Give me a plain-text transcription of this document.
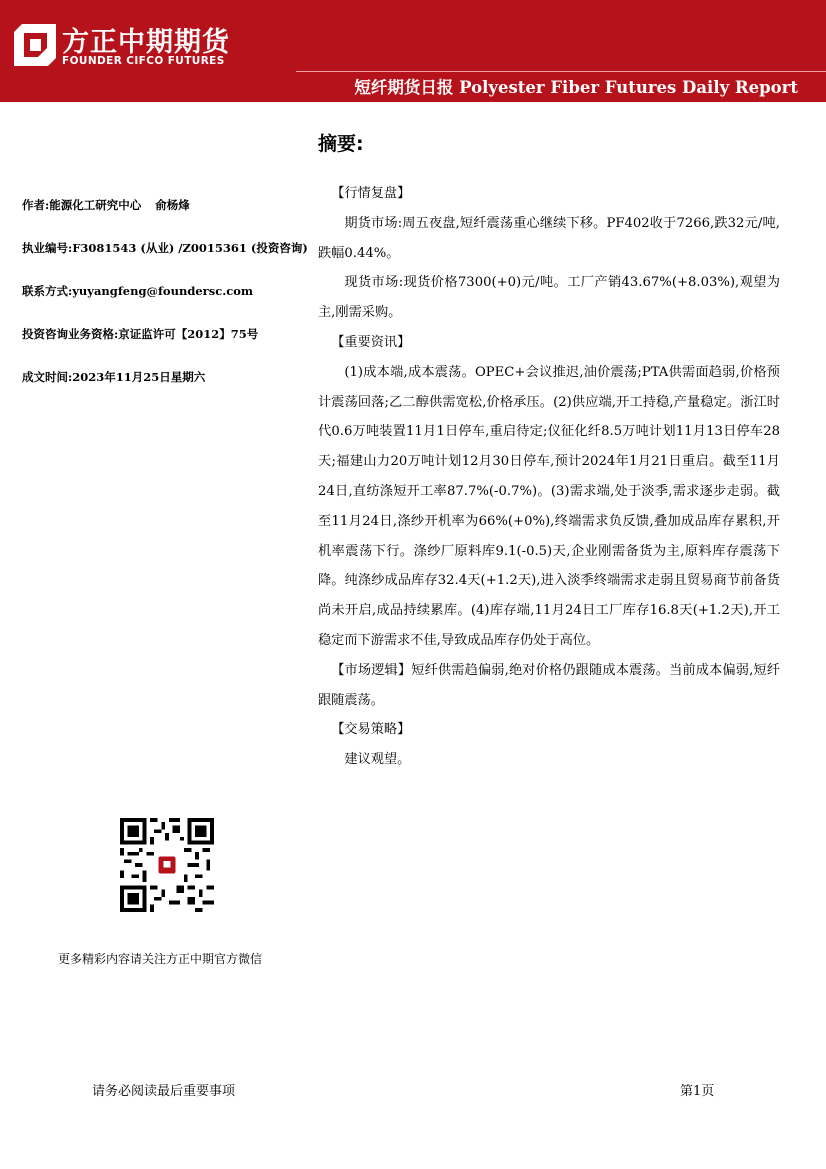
方正中期期货
FOUNDER CIFCO FUTURES
短纤期货日报 Polyester Fiber Futures Daily Report
摘要:
作者:能源化工研究中心 俞杨烽
执业编号:F3081543 (从业) /Z0015361 (投资咨询)
联系方式:yuyangfeng@foundersc.com
投资咨询业务资格:京证监许可【2012】75号
成文时间:2023年11月25日星期六
更多精彩内容请关注方正中期官方微信

【行情复盘】

期货市场:周五夜盘,短纤震荡重心继续下移。PF402收于7266,跌32元/吨,跌幅0.44%。

现货市场:现货价格7300(+0)元/吨。工厂产销43.67%(+8.03%),观望为主,刚需采购。

【重要资讯】

(1)成本端,成本震荡。OPEC+会议推迟,油价震荡;PTA供需面趋弱,价格预计震荡回落;乙二醇供需宽松,价格承压。(2)供应端,开工持稳,产量稳定。浙江时代0.6万吨装置11月1日停车,重启待定;仪征化纤8.5万吨计划11月13日停车28天;福建山力20万吨计划12月30日停车,预计2024年1月21日重启。截至11月24日,直纺涤短开工率87.7%(-0.7%)。(3)需求端,处于淡季,需求逐步走弱。截至11月24日,涤纱开机率为66%(+0%),终端需求负反馈,叠加成品库存累积,开机率震荡下行。涤纱厂原料库9.1(-0.5)天,企业刚需备货为主,原料库存震荡下降。纯涤纱成品库存32.4天(+1.2天),进入淡季终端需求走弱且贸易商节前备货尚未开启,成品持续累库。(4)库存端,11月24日工厂库存16.8天(+1.2天),开工稳定而下游需求不佳,导致成品库存仍处于高位。

【市场逻辑】短纤供需趋偏弱,绝对价格仍跟随成本震荡。当前成本偏弱,短纤跟随震荡。

【交易策略】

建议观望。

请务必阅读最后重要事项	第1页
